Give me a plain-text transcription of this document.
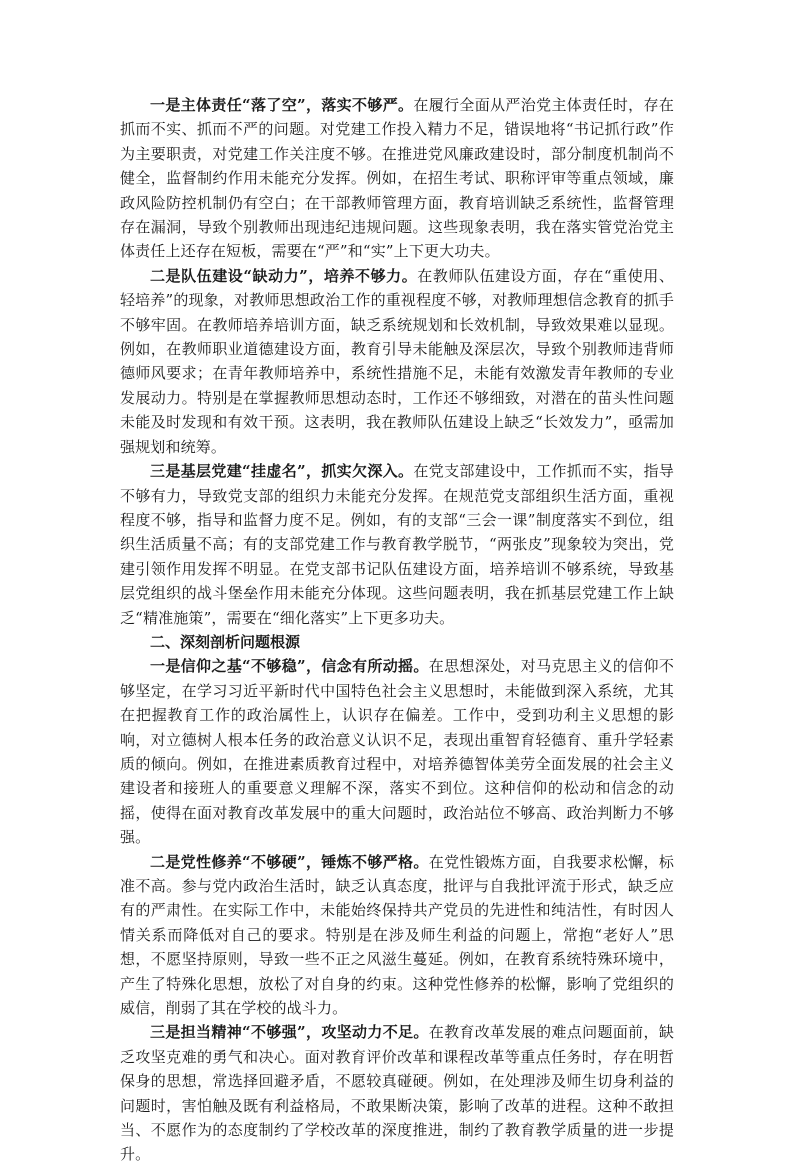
一是主体责任“落了空”，落实不够严。在履行全面从严治党主体责任时，存在抓而不实、抓而不严的问题。对党建工作投入精力不足，错误地将“书记抓行政”作为主要职责，对党建工作关注度不够。在推进党风廉政建设时，部分制度机制尚不健全，监督制约作用未能充分发挥。例如，在招生考试、职称评审等重点领域，廉政风险防控机制仍有空白；在干部教师管理方面，教育培训缺乏系统性，监督管理存在漏洞，导致个别教师出现违纪违规问题。这些现象表明，我在落实管党治党主体责任上还存在短板，需要在“严”和“实”上下更大功夫。

二是队伍建设“缺动力”，培养不够力。在教师队伍建设方面，存在“重使用、轻培养”的现象，对教师思想政治工作的重视程度不够，对教师理想信念教育的抓手不够牢固。在教师培养培训方面，缺乏系统规划和长效机制，导致效果难以显现。例如，在教师职业道德建设方面，教育引导未能触及深层次，导致个别教师违背师德师风要求；在青年教师培养中，系统性措施不足，未能有效激发青年教师的专业发展动力。特别是在掌握教师思想动态时，工作还不够细致，对潜在的苗头性问题未能及时发现和有效干预。这表明，我在教师队伍建设上缺乏“长效发力”，亟需加强规划和统筹。

三是基层党建“挂虚名”，抓实欠深入。在党支部建设中，工作抓而不实，指导不够有力，导致党支部的组织力未能充分发挥。在规范党支部组织生活方面，重视程度不够，指导和监督力度不足。例如，有的支部“三会一课”制度落实不到位，组织生活质量不高；有的支部党建工作与教育教学脱节，“两张皮”现象较为突出，党建引领作用发挥不明显。在党支部书记队伍建设方面，培养培训不够系统，导致基层党组织的战斗堡垒作用未能充分体现。这些问题表明，我在抓基层党建工作上缺乏“精准施策”，需要在“细化落实”上下更多功夫。

二、深刻剖析问题根源

一是信仰之基“不够稳”，信念有所动摇。在思想深处，对马克思主义的信仰不够坚定，在学习习近平新时代中国特色社会主义思想时，未能做到深入系统，尤其在把握教育工作的政治属性上，认识存在偏差。工作中，受到功利主义思想的影响，对立德树人根本任务的政治意义认识不足，表现出重智育轻德育、重升学轻素质的倾向。例如，在推进素质教育过程中，对培养德智体美劳全面发展的社会主义建设者和接班人的重要意义理解不深，落实不到位。这种信仰的松动和信念的动摇，使得在面对教育改革发展中的重大问题时，政治站位不够高、政治判断力不够强。

二是党性修养“不够硬”，锤炼不够严格。在党性锻炼方面，自我要求松懈，标准不高。参与党内政治生活时，缺乏认真态度，批评与自我批评流于形式，缺乏应有的严肃性。在实际工作中，未能始终保持共产党员的先进性和纯洁性，有时因人情关系而降低对自己的要求。特别是在涉及师生利益的问题上，常抱“老好人”思想，不愿坚持原则，导致一些不正之风滋生蔓延。例如，在教育系统特殊环境中，产生了特殊化思想，放松了对自身的约束。这种党性修养的松懈，影响了党组织的威信，削弱了其在学校的战斗力。

三是担当精神“不够强”，攻坚动力不足。在教育改革发展的难点问题面前，缺乏攻坚克难的勇气和决心。面对教育评价改革和课程改革等重点任务时，存在明哲保身的思想，常选择回避矛盾，不愿较真碰硬。例如，在处理涉及师生切身利益的问题时，害怕触及既有利益格局，不敢果断决策，影响了改革的进程。这种不敢担当、不愿作为的态度制约了学校改革的深度推进，制约了教育教学质量的进一步提升。
